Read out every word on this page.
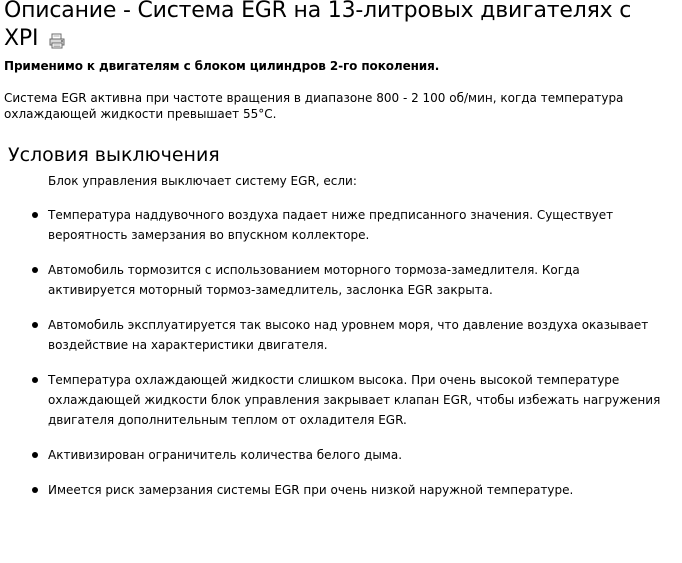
Описание - Система EGR на 13-литровых двигателях с XPI

Применимо к двигателям с блоком цилиндров 2-го поколения.

Система EGR активна при частоте вращения в диапазоне 800 - 2 100 об/мин, когда температура охлаждающей жидкости превышает 55°C.

Условия выключения

Блок управления выключает систему EGR, если:

Температура наддувочного воздуха падает ниже предписанного значения. Существует вероятность замерзания во впускном коллекторе.
Автомобиль тормозится с использованием моторного тормоза-замедлителя. Когда активируется моторный тормоз-замедлитель, заслонка EGR закрыта.
Автомобиль эксплуатируется так высоко над уровнем моря, что давление воздуха оказывает воздействие на характеристики двигателя.
Температура охлаждающей жидкости слишком высока. При очень высокой температуре охлаждающей жидкости блок управления закрывает клапан EGR, чтобы избежать нагружения двигателя дополнительным теплом от охладителя EGR.
Активизирован ограничитель количества белого дыма.
Имеется риск замерзания системы EGR при очень низкой наружной температуре.
